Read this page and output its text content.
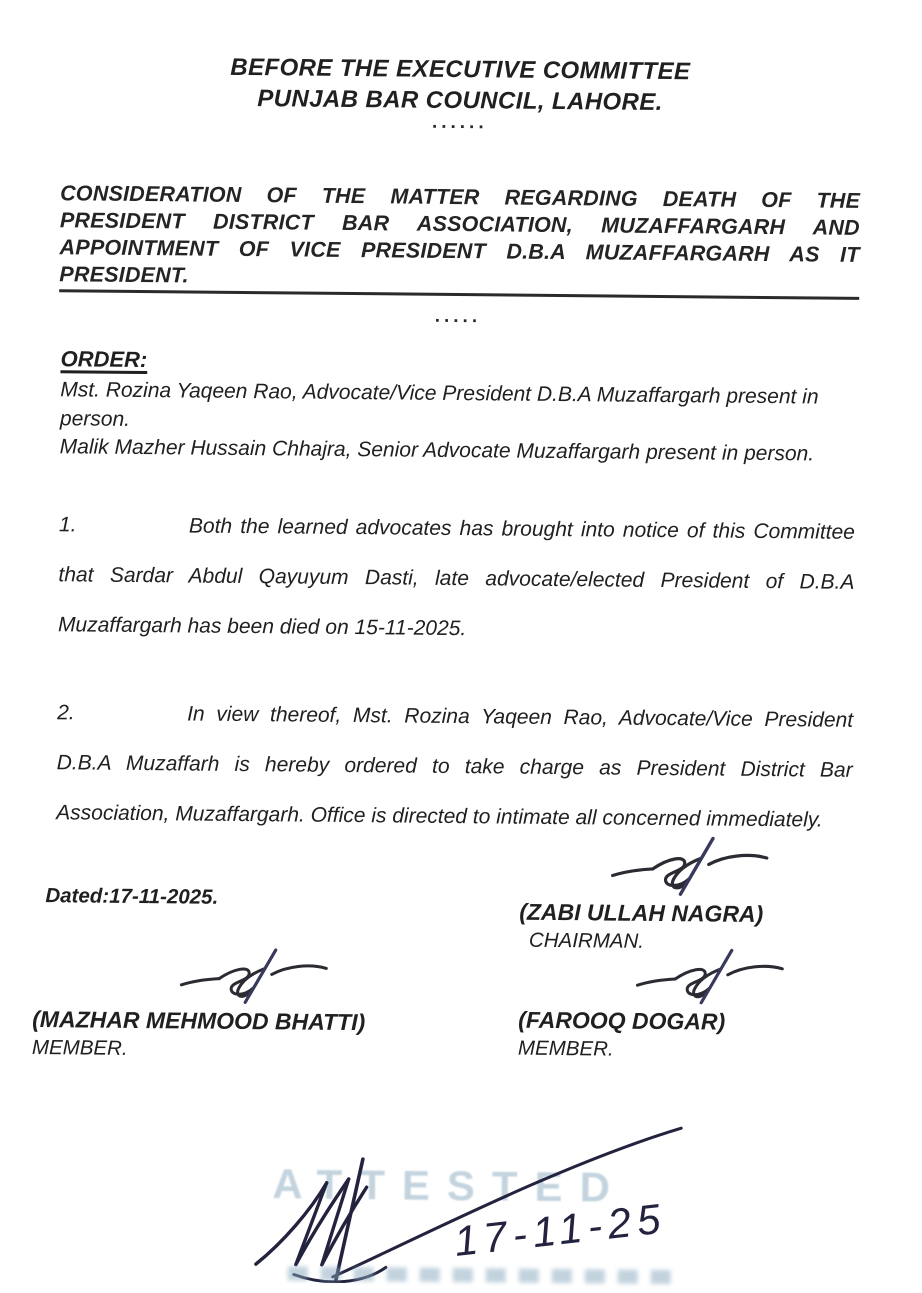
BEFORE THE EXECUTIVE COMMITTEE
PUNJAB BAR COUNCIL, LAHORE.
......
CONSIDERATION OF THE MATTER REGARDING DEATH OF THE
PRESIDENT DISTRICT BAR ASSOCIATION, MUZAFFARGARH AND
APPOINTMENT OF VICE PRESIDENT D.B.A MUZAFFARGARH AS IT
PRESIDENT.
.....
ORDER:

Mst. Rozina Yaqeen Rao, Advocate/Vice President D.B.A Muzaffargarh present in person.

Malik Mazher Hussain Chhajra, Senior Advocate Muzaffargarh present in person.

1.	Both the learned advocates has brought into notice of this Committee that Sardar Abdul Qayuyum Dasti, late advocate/elected President of D.B.A Muzaffargarh has been died on 15-11-2025.

2.	In view thereof, Mst. Rozina Yaqeen Rao, Advocate/Vice President D.B.A Muzaffarh is hereby ordered to take charge as President District Bar Association, Muzaffargarh. Office is directed to intimate all concerned immediately.

Dated:17-11-2025.
(ZABI ULLAH NAGRA)
CHAIRMAN.
(MAZHAR MEHMOOD BHATTI)
MEMBER.
(FAROOQ DOGAR)
MEMBER.
ATTESTED
17-11-25
